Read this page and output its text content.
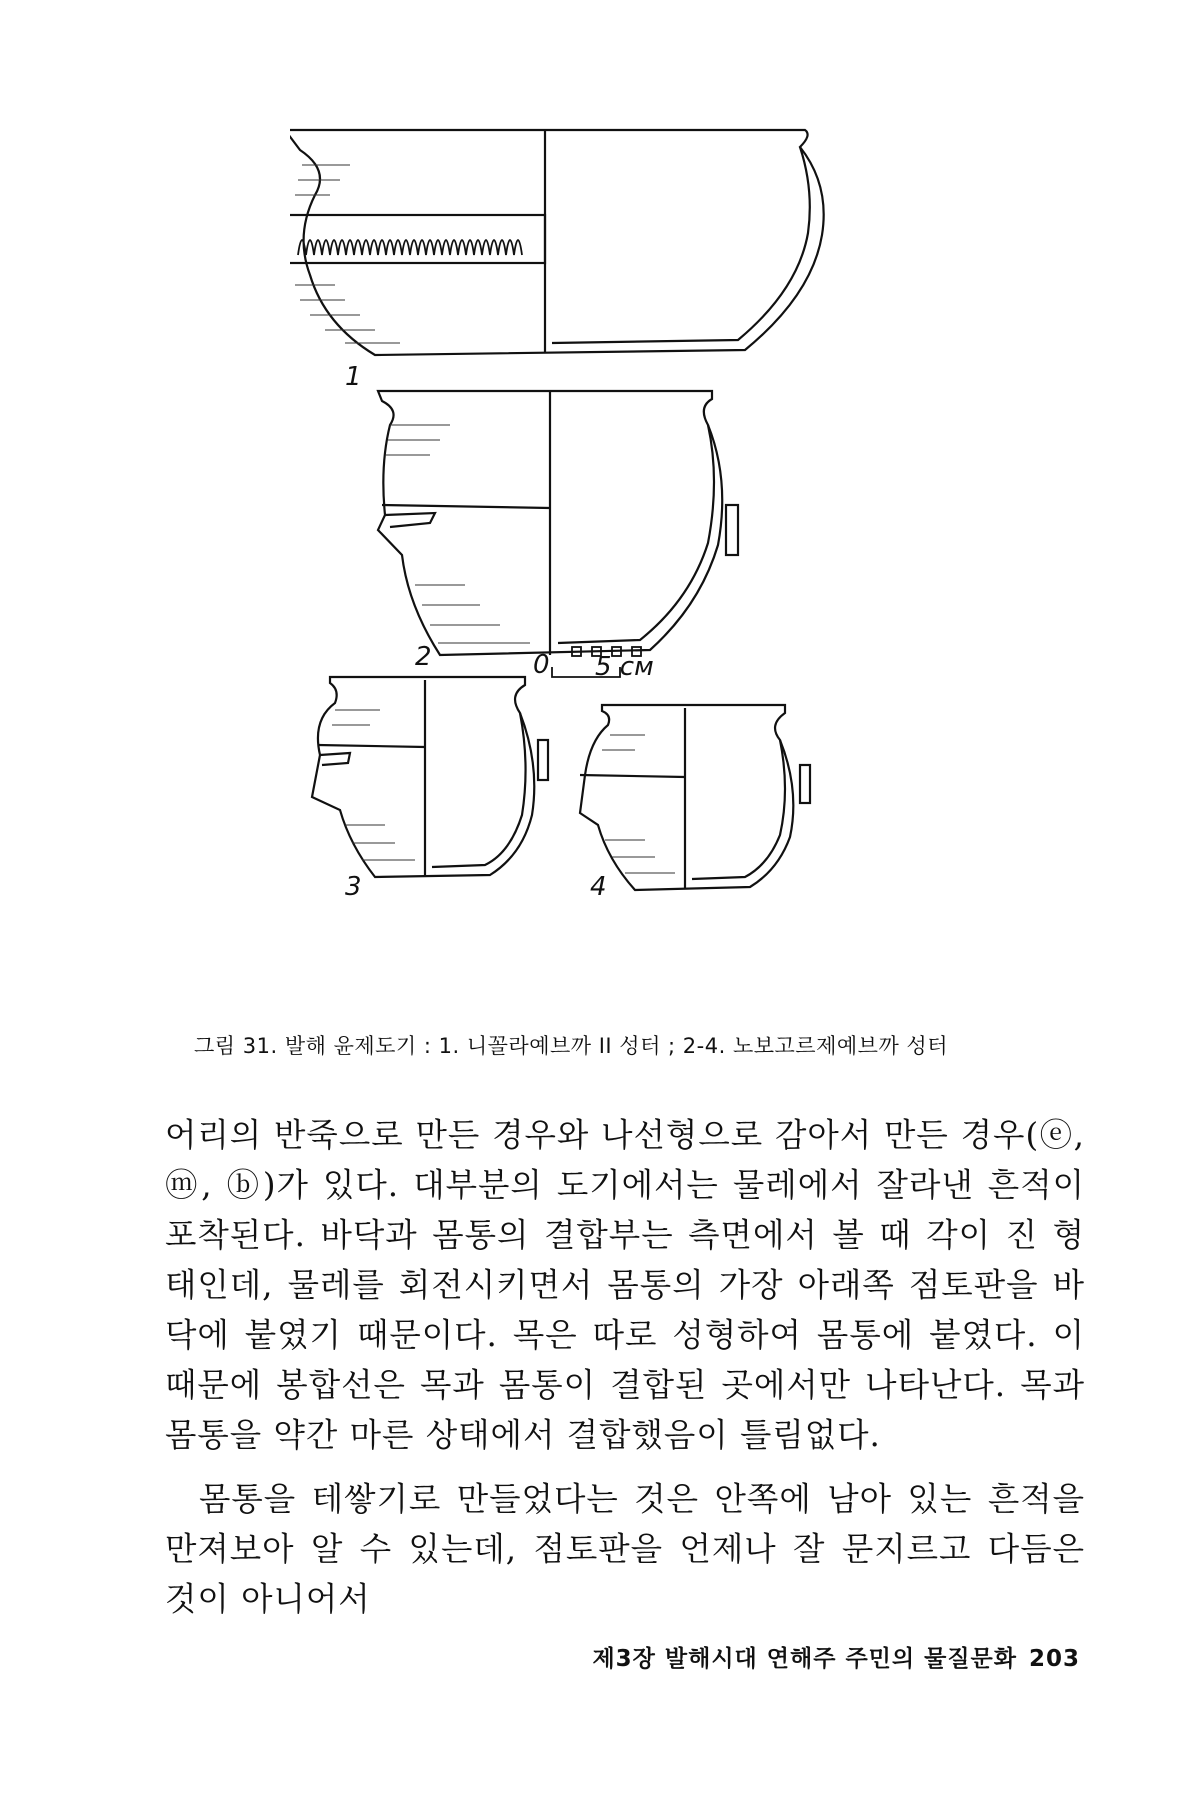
1
2
3	4
0 5 см
그림 31. 발해 윤제도기 : 1. 니꼴라예브까 II 성터 ; 2-4. 노보고르제예브까 성터

어리의 반죽으로 만든 경우와 나선형으로 감아서 만든 경우(ⓔ, ⓜ, ⓑ)가 있다. 대부분의 도기에서는 물레에서 잘라낸 흔적이 포착된다. 바닥과 몸통의 결합부는 측면에서 볼 때 각이 진 형태인데, 물레를 회전시키면서 몸통의 가장 아래쪽 점토판을 바닥에 붙였기 때문이다. 목은 따로 성형하여 몸통에 붙였다. 이 때문에 봉합선은 목과 몸통이 결합된 곳에서만 나타난다. 목과 몸통을 약간 마른 상태에서 결합했음이 틀림없다.

몸통을 테쌓기로 만들었다는 것은 안쪽에 남아 있는 흔적을 만져보아 알 수 있는데, 점토판을 언제나 잘 문지르고 다듬은 것이 아니어서

제3장 발해시대 연해주 주민의 물질문화 203
